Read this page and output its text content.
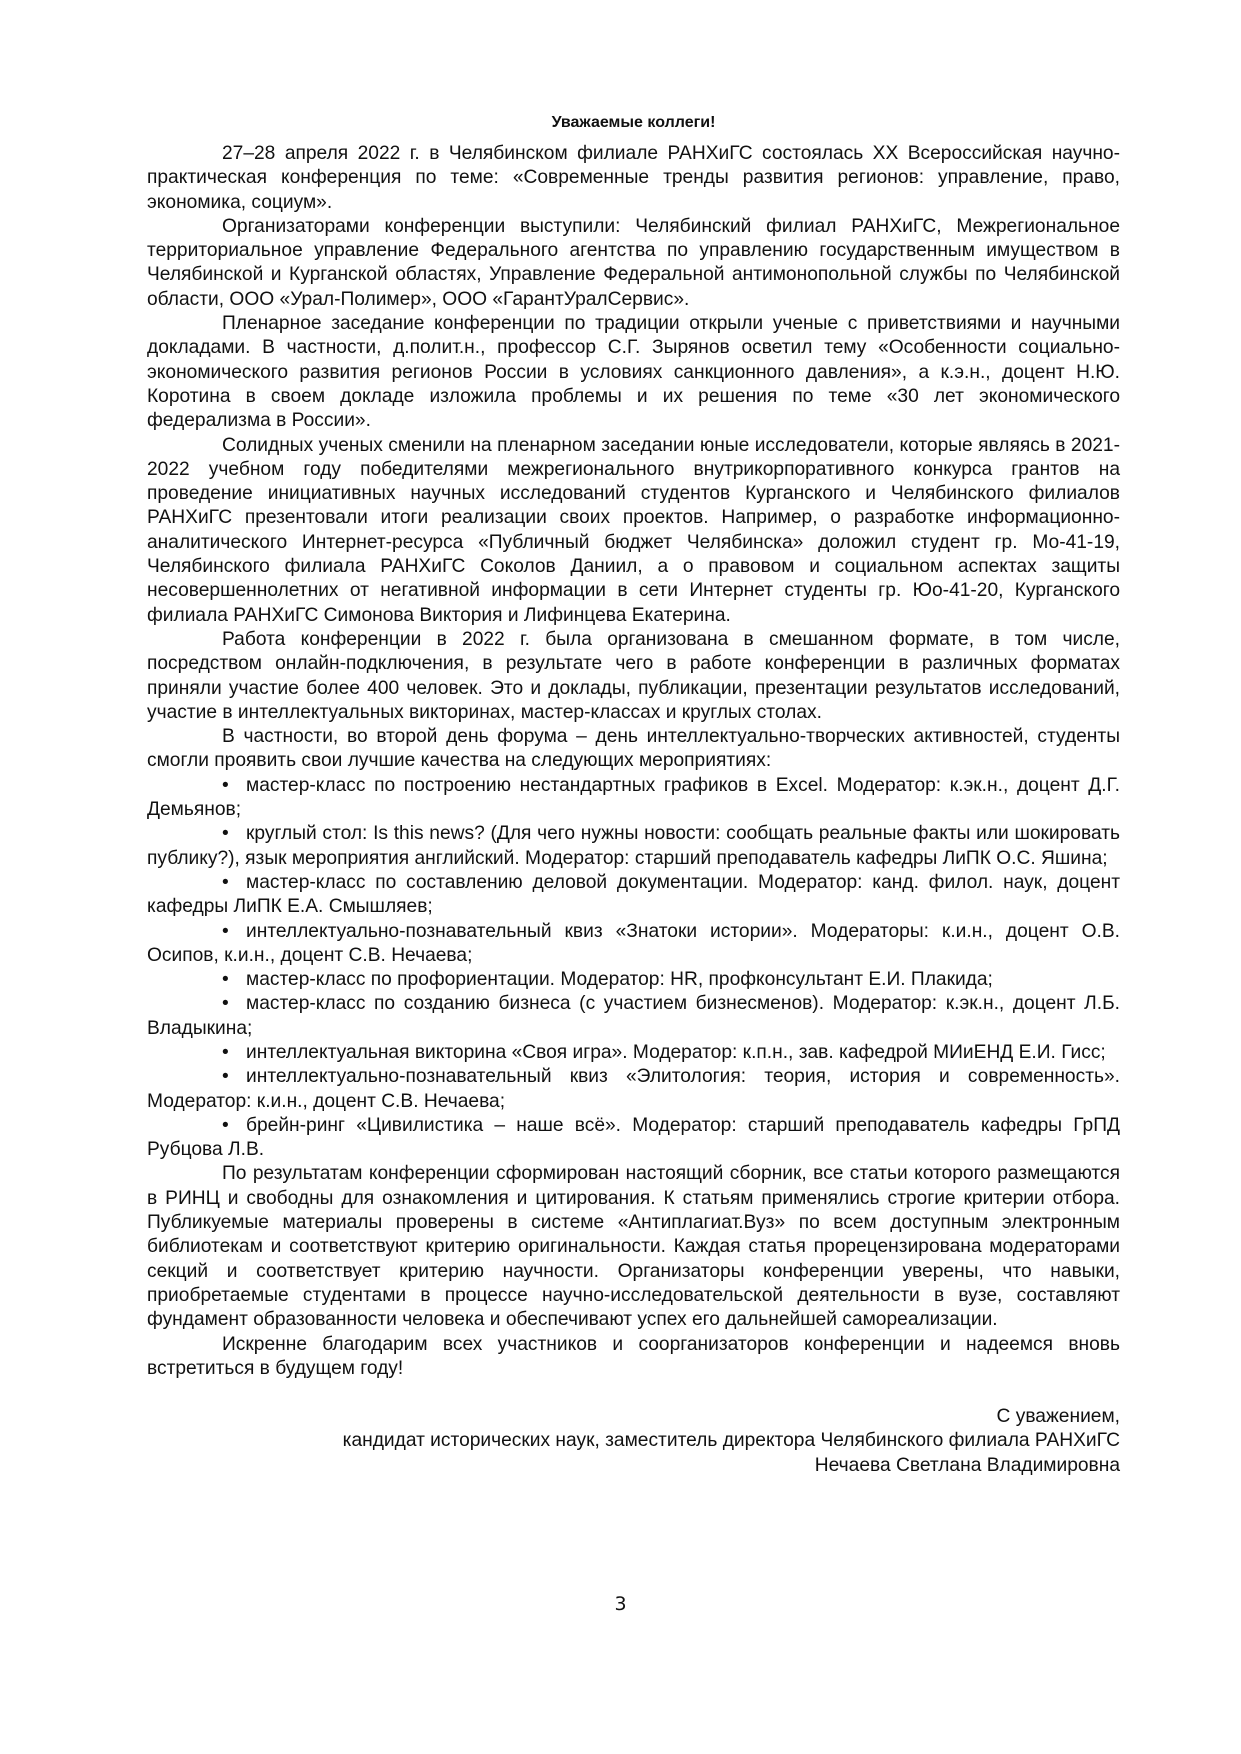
Уважаемые коллеги!

27–28 апреля 2022 г. в Челябинском филиале РАНХиГС состоялась ХХ Всероссийская научно-практическая конференция по теме: «Современные тренды развития регионов: управление, право, экономика, социум».

Организаторами конференции выступили: Челябинский филиал РАНХиГС, Межрегиональное территориальное управление Федерального агентства по управлению государственным имуществом в Челябинской и Курганской областях, Управление Федеральной антимонопольной службы по Челябинской области, ООО «Урал-Полимер», ООО «ГарантУралСервис».

Пленарное заседание конференции по традиции открыли ученые с приветствиями и научными докладами. В частности, д.полит.н., профессор С.Г. Зырянов осветил тему «Особенности социально-экономического развития регионов России в условиях санкционного давления», а к.э.н., доцент Н.Ю. Коротина в своем докладе изложила проблемы и их решения по теме «30 лет экономического федерализма в России».

Солидных ученых сменили на пленарном заседании юные исследователи, которые являясь в 2021-2022 учебном году победителями межрегионального внутрикорпоративного конкурса грантов на проведение инициативных научных исследований студентов Курганского и Челябинского филиалов РАНХиГС презентовали итоги реализации своих проектов. Например, о разработке информационно-аналитического Интернет-ресурса «Публичный бюджет Челябинска» доложил студент гр. Мо-41-19, Челябинского филиала РАНХиГС Соколов Даниил, а о правовом и социальном аспектах защиты несовершеннолетних от негативной информации в сети Интернет студенты гр. Юо-41-20, Курганского филиала РАНХиГС Симонова Виктория и Лифинцева Екатерина.

Работа конференции в 2022 г. была организована в смешанном формате, в том числе, посредством онлайн-подключения, в результате чего в работе конференции в различных форматах приняли участие более 400 человек. Это и доклады, публикации, презентации результатов исследований, участие в интеллектуальных викторинах, мастер-классах и круглых столах.

В частности, во второй день форума – день интеллектуально-творческих активностей, студенты смогли проявить свои лучшие качества на следующих мероприятиях:

• мастер-класс по построению нестандартных графиков в Excel. Модератор: к.эк.н., доцент Д.Г. Демьянов;

• круглый стол: Is this news? (Для чего нужны новости: сообщать реальные факты или шокировать публику?), язык мероприятия английский. Модератор: старший преподаватель кафедры ЛиПК О.С. Яшина;

• мастер-класс по составлению деловой документации. Модератор: канд. филол. наук, доцент кафедры ЛиПК Е.А. Смышляев;

• интеллектуально-познавательный квиз «Знатоки истории». Модераторы: к.и.н., доцент О.В. Осипов, к.и.н., доцент С.В. Нечаева;

• мастер-класс по профориентации. Модератор: HR, профконсультант Е.И. Плакида;

• мастер-класс по созданию бизнеса (с участием бизнесменов). Модератор: к.эк.н., доцент Л.Б. Владыкина;

• интеллектуальная викторина «Своя игра». Модератор: к.п.н., зав. кафедрой МИиЕНД Е.И. Гисс;

• интеллектуально-познавательный квиз «Элитология: теория, история и современность». Модератор: к.и.н., доцент С.В. Нечаева;

• брейн-ринг «Цивилистика – наше всё». Модератор: старший преподаватель кафедры ГрПД Рубцова Л.В.

По результатам конференции сформирован настоящий сборник, все статьи которого размещаются в РИНЦ и свободны для ознакомления и цитирования. К статьям применялись строгие критерии отбора. Публикуемые материалы проверены в системе «Антиплагиат.Вуз» по всем доступным электронным библиотекам и соответствуют критерию оригинальности. Каждая статья прорецензирована модераторами секций и соответствует критерию научности. Организаторы конференции уверены, что навыки, приобретаемые студентами в процессе научно-исследовательской деятельности в вузе, составляют фундамент образованности человека и обеспечивают успех его дальнейшей самореализации.

Искренне благодарим всех участников и соорганизаторов конференции и надеемся вновь встретиться в будущем году!

С уважением,
кандидат исторических наук, заместитель директора Челябинского филиала РАНХиГС
Нечаева Светлана Владимировна
3
